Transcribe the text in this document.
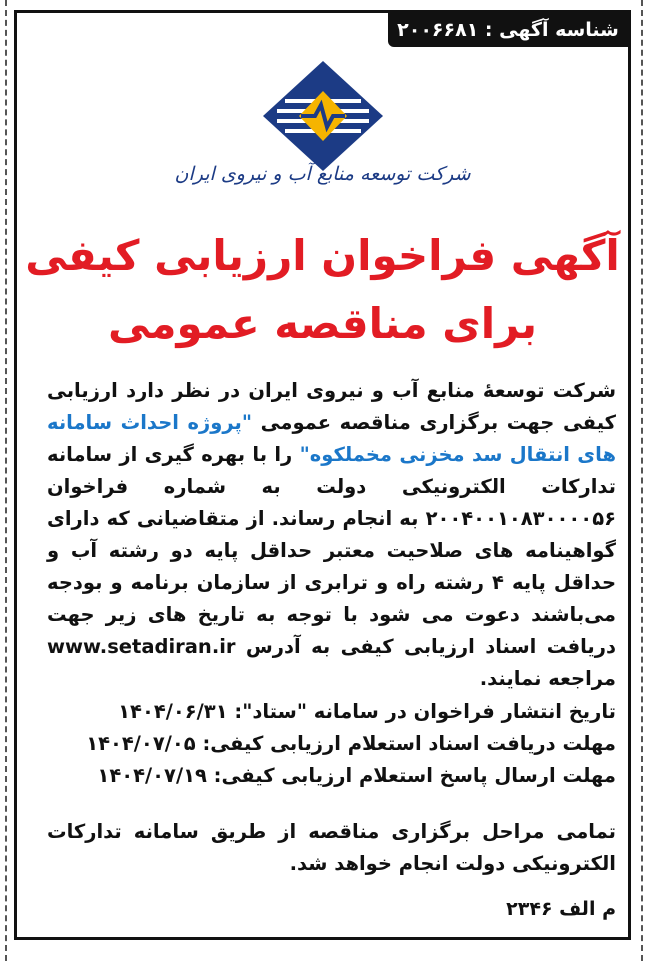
شناسه آگهی : ۲۰۰۶۶۸۱
شرکت توسعه منابع آب و نیروی ایران
آگهی فراخوان ارزیابی کیفی
برای مناقصه عمومی
شرکت توسعهٔ منابع آب و نیروی ایران در نظر دارد ارزیابی کیفی جهت برگزاری مناقصه عمومی "پروژه احداث سامانه های انتقال سد مخزنی مخملکوه" را با بهره گیری از سامانه تدارکات الکترونیکی دولت به شماره فراخوان ۲۰۰۴۰۰۱۰۸۳۰۰۰۰۵۶ به انجام رساند. از متقاضیانی که دارای گواهینامه های صلاحیت معتبر حداقل پایه دو رشته آب و حداقل پایه ۴ رشته راه و ترابری از سازمان برنامه و بودجه می‌باشند دعوت می شود با توجه به تاریخ های زیر جهت دریافت اسناد ارزیابی کیفی به آدرس www.setadiran.ir مراجعه نمایند.
تاریخ انتشار فراخوان در سامانه "ستاد": ۱۴۰۴/۰۶/۳۱
مهلت دریافت اسناد استعلام ارزیابی کیفی: ۱۴۰۴/۰۷/۰۵
مهلت ارسال پاسخ استعلام ارزیابی کیفی: ۱۴۰۴/۰۷/۱۹
تمامی مراحل برگزاری مناقصه از طریق سامانه تدارکات الکترونیکی دولت انجام خواهد شد.
م الف ۲۳۴۶
